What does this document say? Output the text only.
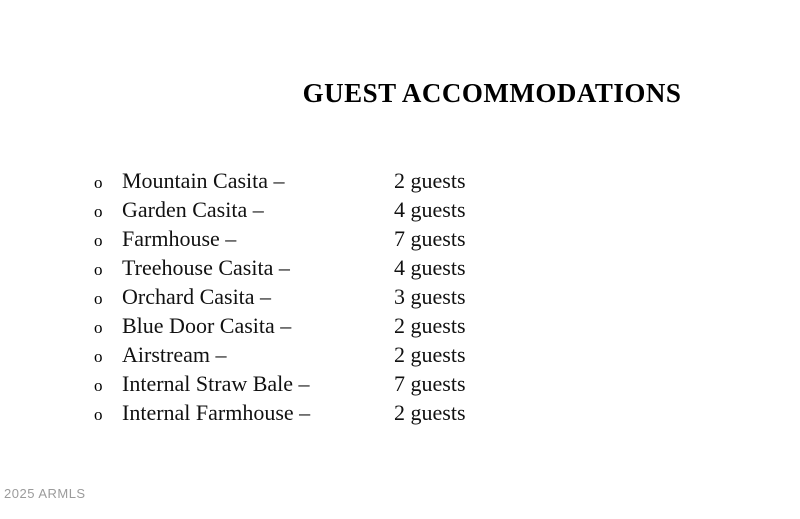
GUEST ACCOMMODATIONS
o Mountain Casita –	2 guests
o Garden Casita –	4 guests
o Farmhouse –	7 guests
o Treehouse Casita –	4 guests
o Orchard Casita –	3 guests
o Blue Door Casita –	2 guests
o Airstream –	2 guests
o Internal Straw Bale –	7 guests
o Internal Farmhouse –	2 guests
2025 ARMLS
